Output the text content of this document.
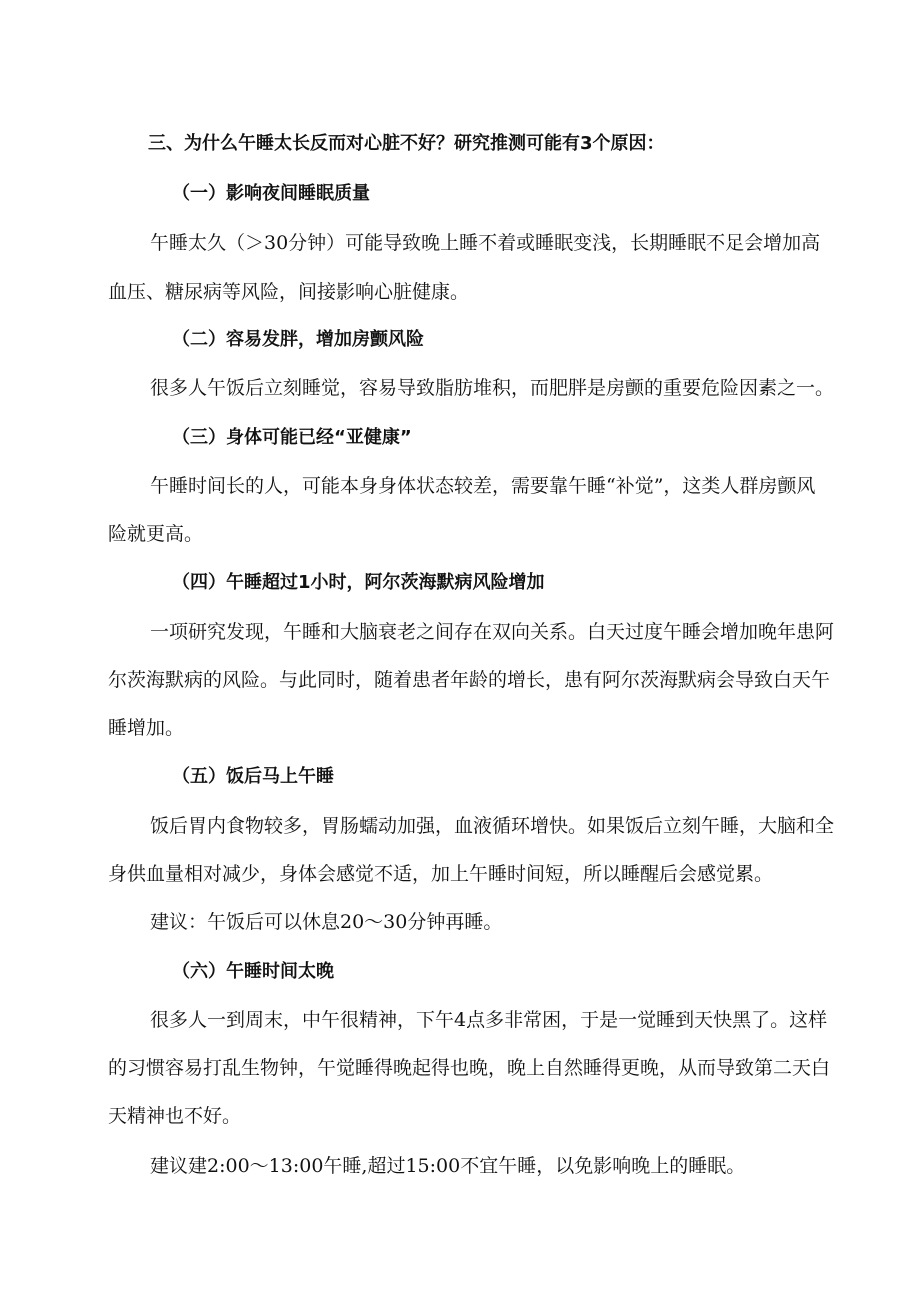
三、为什么午睡太长反而对心脏不好？研究推测可能有3个原因：
（一）影响夜间睡眠质量
午睡太久（＞30分钟）可能导致晚上睡不着或睡眠变浅，长期睡眠不足会增加高
血压、糖尿病等风险，间接影响心脏健康。
（二）容易发胖，增加房颤风险
很多人午饭后立刻睡觉，容易导致脂肪堆积，而肥胖是房颤的重要危险因素之一。
（三）身体可能已经“亚健康”
午睡时间长的人，可能本身身体状态较差，需要靠午睡“补觉”，这类人群房颤风
险就更高。
（四）午睡超过1小时，阿尔茨海默病风险增加
一项研究发现，午睡和大脑衰老之间存在双向关系。白天过度午睡会增加晚年患阿
尔茨海默病的风险。与此同时，随着患者年龄的增长，患有阿尔茨海默病会导致白天午
睡增加。
（五）饭后马上午睡
饭后胃内食物较多，胃肠蠕动加强，血液循环增快。如果饭后立刻午睡，大脑和全
身供血量相对减少，身体会感觉不适，加上午睡时间短，所以睡醒后会感觉累。
建议：午饭后可以休息20～30分钟再睡。
（六）午睡时间太晚
很多人一到周末，中午很精神，下午4点多非常困，于是一觉睡到天快黑了。这样
的习惯容易打乱生物钟，午觉睡得晚起得也晚，晚上自然睡得更晚，从而导致第二天白
天精神也不好。
建议建2:00～13:00午睡,超过15:00不宜午睡，以免影响晚上的睡眠。
